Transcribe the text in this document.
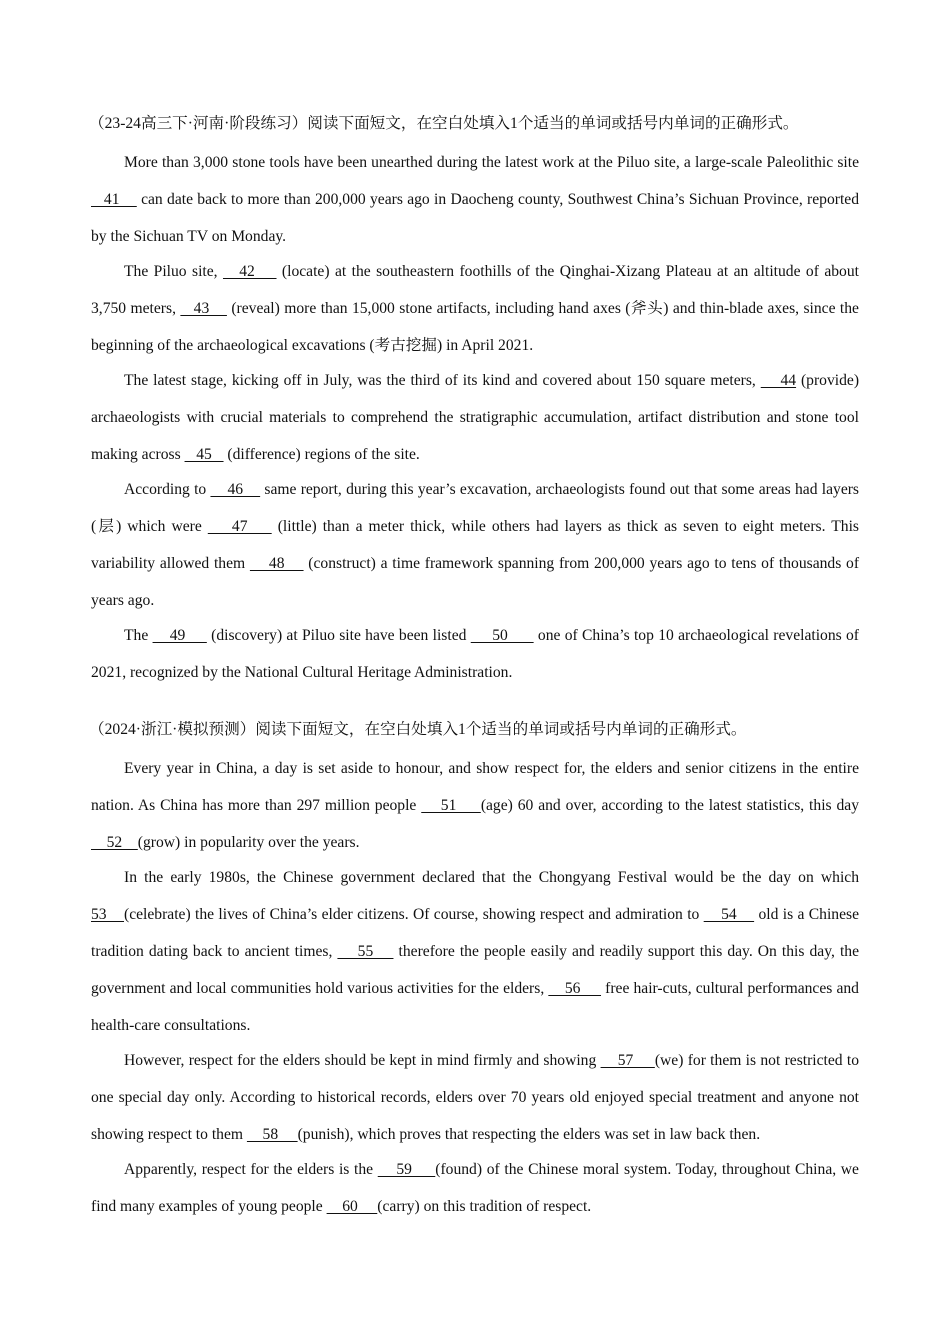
（23-24高三下·河南·阶段练习）阅读下面短文，在空白处填入1个适当的单词或括号内单词的正确形式。

More than 3,000 stone tools have been unearthed during the latest work at the Piluo site, a large-scale Paleolithic site    41     can date back to more than 200,000 years ago in Daocheng county, Southwest China’s Sichuan Province, reported by the Sichuan TV on Monday.

The Piluo site,    42     (locate) at the southeastern foothills of the Qinghai-Xizang Plateau at an altitude of about 3,750 meters,    43     (reveal) more than 15,000 stone artifacts, including hand axes (斧头) and thin-blade axes, since the beginning of the archaeological excavations (考古挖掘) in April 2021.

The latest stage, kicking off in July, was the third of its kind and covered about 150 square meters,     44 (provide) archaeologists with crucial materials to comprehend the stratigraphic accumulation, artifact distribution and stone tool making across    45    (difference) regions of the site.

According to     46     same report, during this year’s excavation, archaeologists found out that some areas had layers (层) which were     47     (little) than a meter thick, while others had layers as thick as seven to eight meters. This variability allowed them     48     (construct) a time framework spanning from 200,000 years ago to tens of thousands of years ago.

The     49      (discovery) at Piluo site have been listed      50       one of China’s top 10 archaeological revelations of 2021, recognized by the National Cultural Heritage Administration.

（2024·浙江·模拟预测）阅读下面短文，在空白处填入1个适当的单词或括号内单词的正确形式。

Every year in China, a day is set aside to honour, and show respect for, the elders and senior citizens in the entire nation. As China has more than 297 million people     51     (age) 60 and over, according to the latest statistics, this day     52    (grow) in popularity over the years.

In the early 1980s, the Chinese government declared that the Chongyang Festival would be the day on which 53    (celebrate) the lives of China’s elder citizens. Of course, showing respect and admiration to     54     old is a Chinese tradition dating back to ancient times,     55     therefore the people easily and readily support this day. On this day, the government and local communities hold various activities for the elders,     56      free hair-cuts, cultural performances and health-care consultations.

However, respect for the elders should be kept in mind firmly and showing     57     (we) for them is not restricted to one special day only. According to historical records, elders over 70 years old enjoyed special treatment and anyone not showing respect to them     58     (punish), which proves that respecting the elders was set in law back then.

Apparently, respect for the elders is the     59     (found) of the Chinese moral system. Today, throughout China, we find many examples of young people     60     (carry) on this tradition of respect.
